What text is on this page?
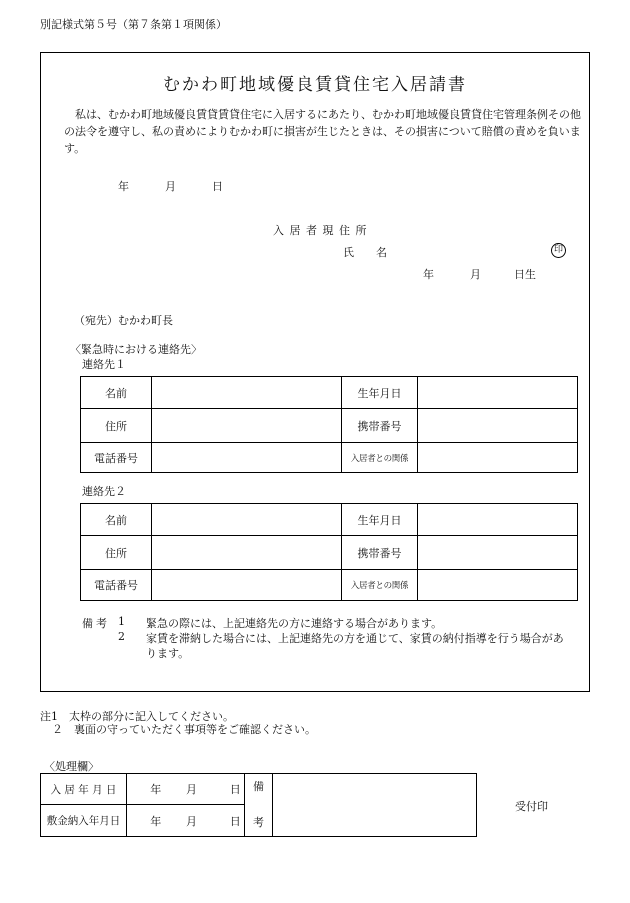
別記様式第５号（第７条第１項関係）
むかわ町地域優良賃貸住宅入居請書
私は、むかわ町地域優良賃貸賃貸住宅に入居するにあたり、むかわ町地域優良賃貸住宅管理条例その他の法令を遵守し、私の責めによりむかわ町に損害が生じたときは、その損害について賠償の責めを負います。
年	月	日
入 居 者 現 住 所
氏　　名	印
年	月	日生
（宛先）むかわ町長
〈緊急時における連絡先〉
連絡先１
名前		生年月日	
住所		携帯番号	
電話番号		入居者との関係	
連絡先２
名前		生年月日	
住所		携帯番号	
電話番号		入居者との関係	
備考 1 緊急の際には、上記連絡先の方に連絡する場合があります。
2 家賃を滞納した場合には、上記連絡先の方を通じて、家賃の納付指導を行う場合があ
ります。
注1　太枠の部分に記入してください。
２　裏面の守っていただく事項等をご確認ください。
〈処理欄〉
入 居 年 月 日	年	月	日	備

考	
敷金納入年月日	年	月	日		
受付印
